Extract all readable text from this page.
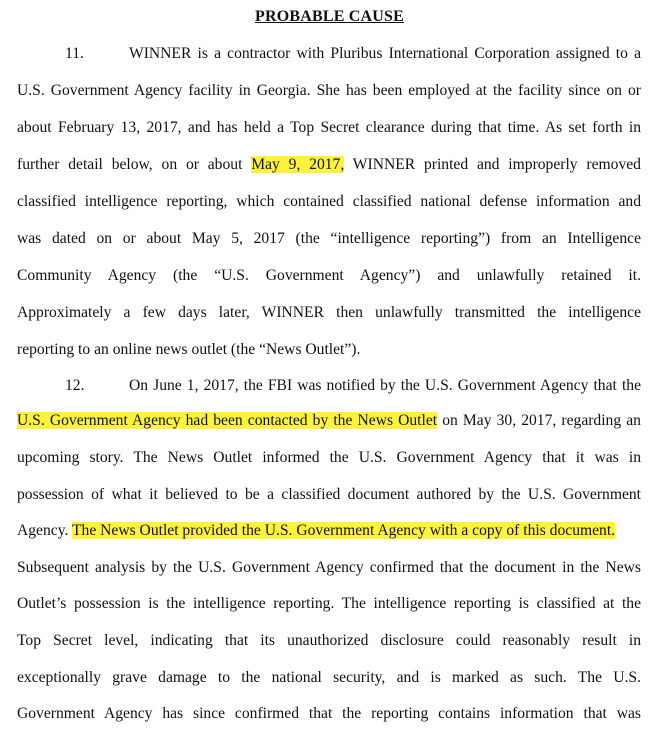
PROBABLE CAUSE
11.	WINNER is a contractor with Pluribus International Corporation assigned to a
U.S. Government Agency facility in Georgia. She has been employed at the facility since on or
about February 13, 2017, and has held a Top Secret clearance during that time. As set forth in
further detail below, on or about May 9, 2017, WINNER printed and improperly removed
classified intelligence reporting, which contained classified national defense information and
was dated on or about May 5, 2017 (the “intelligence reporting”) from an Intelligence
Community Agency (the “U.S. Government Agency”) and unlawfully retained it.
Approximately a few days later, WINNER then unlawfully transmitted the intelligence
reporting to an online news outlet (the “News Outlet”).
12.	On June 1, 2017, the FBI was notified by the U.S. Government Agency that the
U.S. Government Agency had been contacted by the News Outlet on May 30, 2017, regarding an
upcoming story. The News Outlet informed the U.S. Government Agency that it was in
possession of what it believed to be a classified document authored by the U.S. Government
Agency. The News Outlet provided the U.S. Government Agency with a copy of this document.
Subsequent analysis by the U.S. Government Agency confirmed that the document in the News
Outlet’s possession is the intelligence reporting. The intelligence reporting is classified at the
Top Secret level, indicating that its unauthorized disclosure could reasonably result in
exceptionally grave damage to the national security, and is marked as such. The U.S.
Government Agency has since confirmed that the reporting contains information that was
